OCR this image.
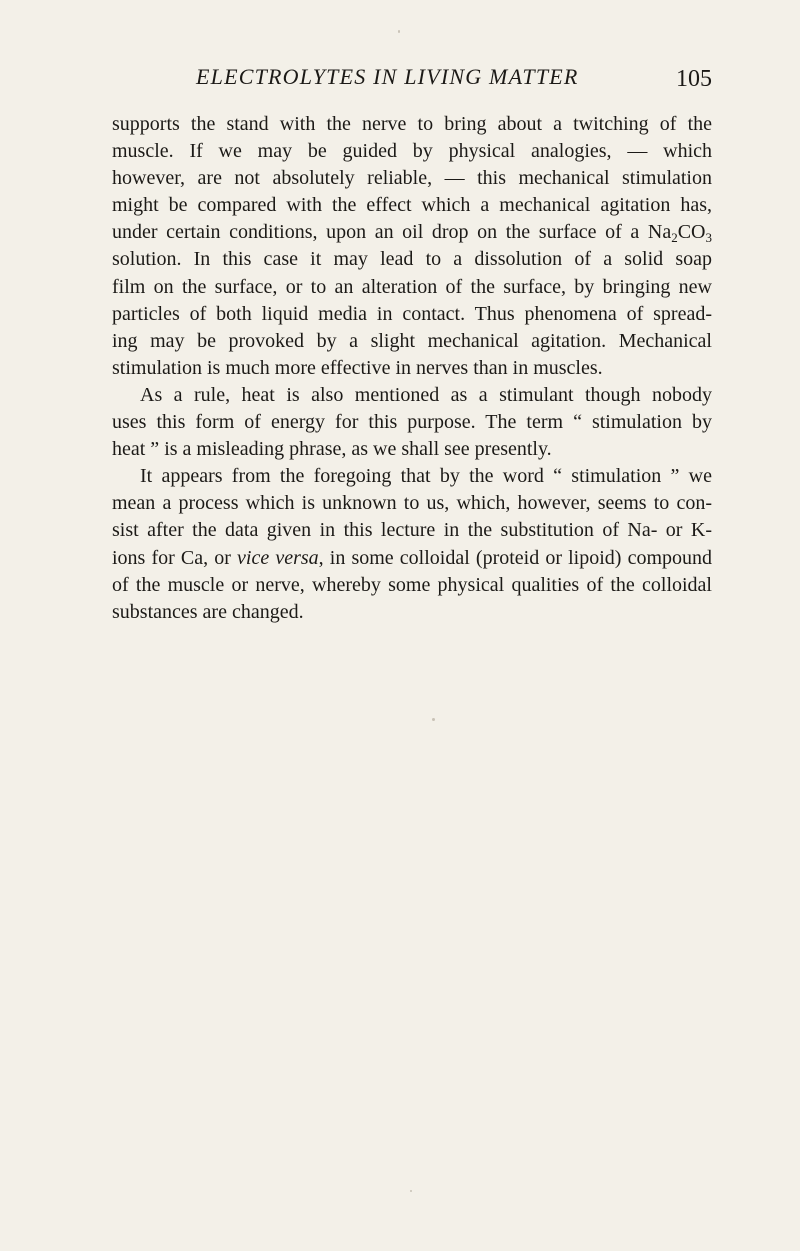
ELECTROLYTES IN LIVING MATTER	105
supports the stand with the nerve to bring about a twitching of the
muscle. If we may be guided by physical analogies, — which
however, are not absolutely reliable, — this mechanical stimulation
might be compared with the effect which a mechanical agitation has,
under certain conditions, upon an oil drop on the surface of a $Na_2CO_3$
solution. In this case it may lead to a dissolution of a solid soap
film on the surface, or to an alteration of the surface, by bringing new
particles of both liquid media in contact. Thus phenomena of spread-
ing may be provoked by a slight mechanical agitation. Mechanical
stimulation is much more effective in nerves than in muscles.
As a rule, heat is also mentioned as a stimulant though nobody
uses this form of energy for this purpose. The term “ stimulation by
heat ” is a misleading phrase, as we shall see presently.
It appears from the foregoing that by the word “ stimulation ” we
mean a process which is unknown to us, which, however, seems to con-
sist after the data given in this lecture in the substitution of Na- or K-
ions for Ca, or vice versa, in some colloidal (proteid or lipoid) compound
of the muscle or nerve, whereby some physical qualities of the colloidal
substances are changed.
